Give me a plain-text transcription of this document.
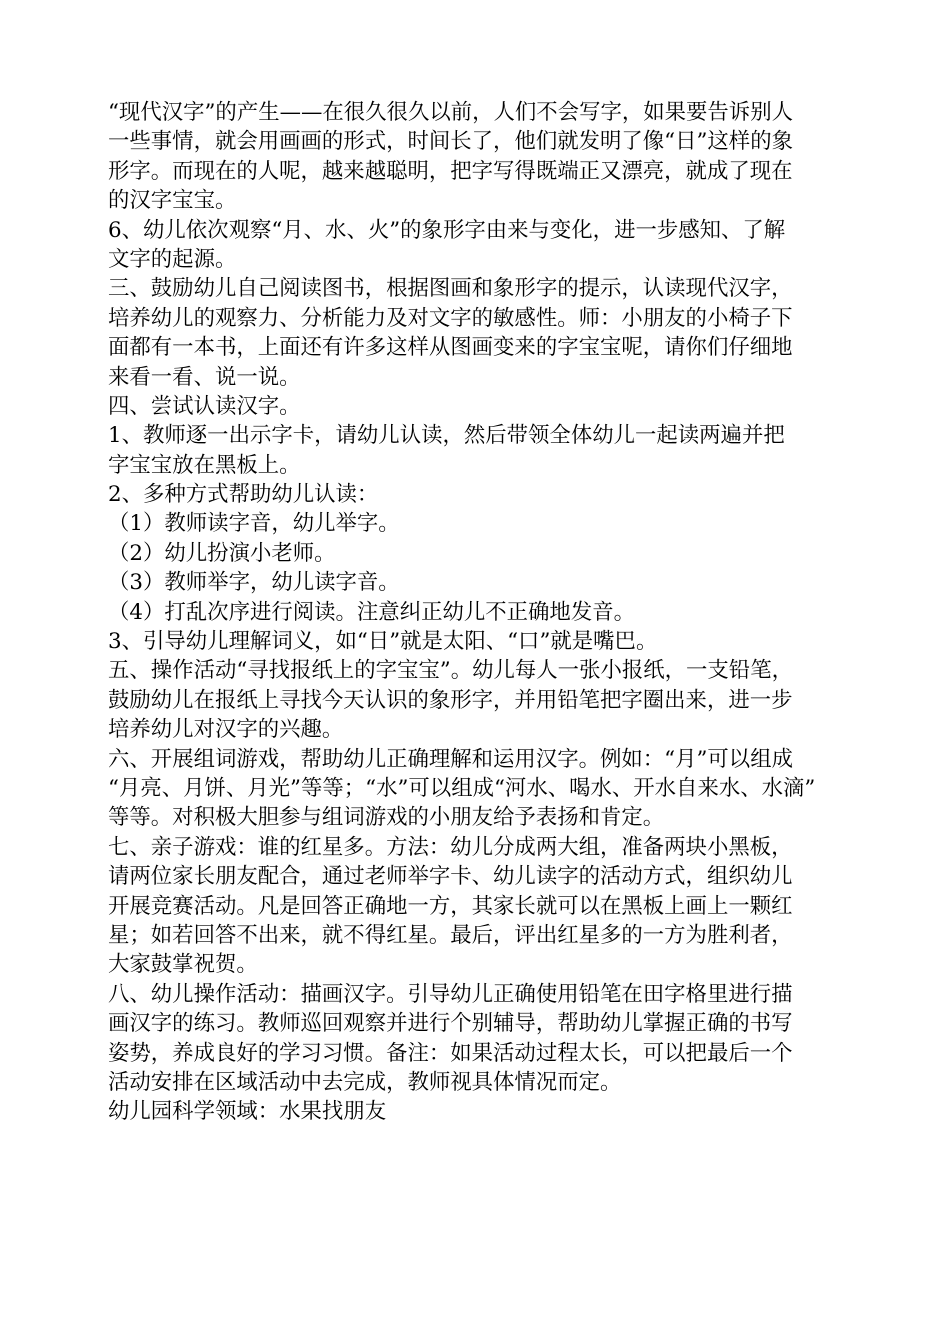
“现代汉字”的产生——在很久很久以前，人们不会写字，如果要告诉别人
一些事情，就会用画画的形式，时间长了，他们就发明了像“日”这样的象
形字。而现在的人呢，越来越聪明，把字写得既端正又漂亮，就成了现在
的汉字宝宝。
6、幼儿依次观察“月、水、火”的象形字由来与变化，进一步感知、了解
文字的起源。
三、鼓励幼儿自己阅读图书，根据图画和象形字的提示，认读现代汉字，
培养幼儿的观察力、分析能力及对文字的敏感性。师：小朋友的小椅子下
面都有一本书，上面还有许多这样从图画变来的字宝宝呢，请你们仔细地
来看一看、说一说。
四、尝试认读汉字。
1、教师逐一出示字卡，请幼儿认读，然后带领全体幼儿一起读两遍并把
字宝宝放在黑板上。
2、多种方式帮助幼儿认读：
（1）教师读字音，幼儿举字。
（2）幼儿扮演小老师。
（3）教师举字，幼儿读字音。
（4）打乱次序进行阅读。注意纠正幼儿不正确地发音。
3、引导幼儿理解词义，如“日”就是太阳、“口”就是嘴巴。
五、操作活动“寻找报纸上的字宝宝”。幼儿每人一张小报纸，一支铅笔，
鼓励幼儿在报纸上寻找今天认识的象形字，并用铅笔把字圈出来，进一步
培养幼儿对汉字的兴趣。
六、开展组词游戏，帮助幼儿正确理解和运用汉字。例如：“月”可以组成
“月亮、月饼、月光”等等；“水”可以组成“河水、喝水、开水自来水、水滴”
等等。对积极大胆参与组词游戏的小朋友给予表扬和肯定。
七、亲子游戏：谁的红星多。方法：幼儿分成两大组，准备两块小黑板，
请两位家长朋友配合，通过老师举字卡、幼儿读字的活动方式，组织幼儿
开展竞赛活动。凡是回答正确地一方，其家长就可以在黑板上画上一颗红
星；如若回答不出来，就不得红星。最后，评出红星多的一方为胜利者，
大家鼓掌祝贺。
八、幼儿操作活动：描画汉字。引导幼儿正确使用铅笔在田字格里进行描
画汉字的练习。教师巡回观察并进行个别辅导，帮助幼儿掌握正确的书写
姿势，养成良好的学习习惯。备注：如果活动过程太长，可以把最后一个
活动安排在区域活动中去完成，教师视具体情况而定。
幼儿园科学领域：水果找朋友
